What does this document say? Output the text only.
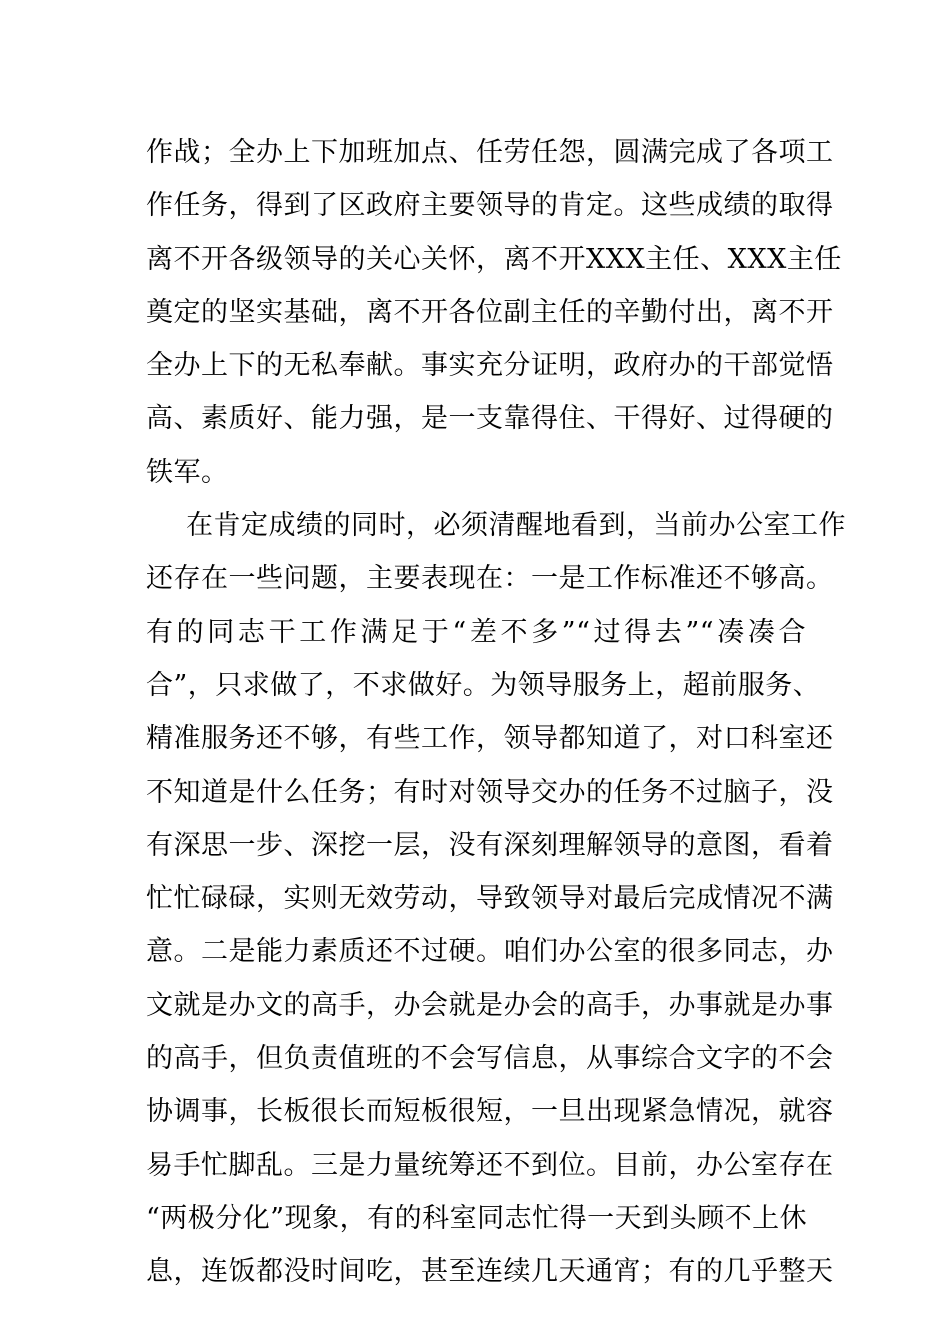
作战；全办上下加班加点、任劳任怨，圆满完成了各项工
作任务，得到了区政府主要领导的肯定。这些成绩的取得
离不开各级领导的关心关怀，离不开XXX主任、XXX主任
奠定的坚实基础，离不开各位副主任的辛勤付出，离不开
全办上下的无私奉献。事实充分证明，政府办的干部觉悟
高、素质好、能力强，是一支靠得住、干得好、过得硬的
铁军。
在肯定成绩的同时，必须清醒地看到，当前办公室工作
还存在一些问题，主要表现在：一是工作标准还不够高。
有的同志干工作满足于“差不多”“过得去”“凑凑合
合”，只求做了，不求做好。为领导服务上，超前服务、
精准服务还不够，有些工作，领导都知道了，对口科室还
不知道是什么任务；有时对领导交办的任务不过脑子，没
有深思一步、深挖一层，没有深刻理解领导的意图，看着
忙忙碌碌，实则无效劳动，导致领导对最后完成情况不满
意。二是能力素质还不过硬。咱们办公室的很多同志，办
文就是办文的高手，办会就是办会的高手，办事就是办事
的高手，但负责值班的不会写信息，从事综合文字的不会
协调事，长板很长而短板很短，一旦出现紧急情况，就容
易手忙脚乱。三是力量统筹还不到位。目前，办公室存在
“两极分化”现象，有的科室同志忙得一天到头顾不上休
息，连饭都没时间吃，甚至连续几天通宵；有的几乎整天
